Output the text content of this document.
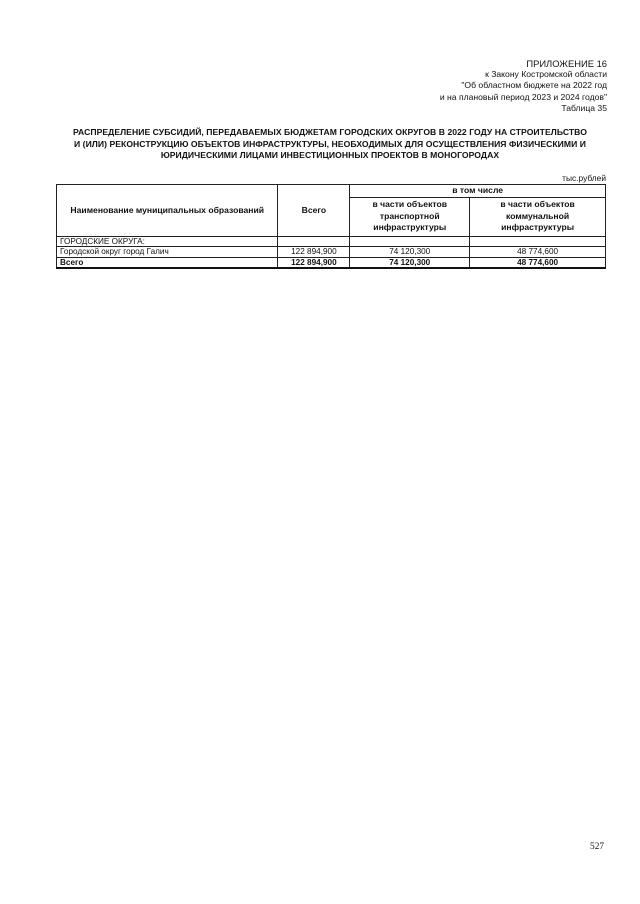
ПРИЛОЖЕНИЕ 16
к Закону Костромской области
"Об областном бюджете на 2022 год
и на плановый период 2023 и 2024 годов"
Таблица 35
РАСПРЕДЕЛЕНИЕ СУБСИДИЙ, ПЕРЕДАВАЕМЫХ БЮДЖЕТАМ ГОРОДСКИХ ОКРУГОВ В 2022 ГОДУ НА СТРОИТЕЛЬСТВО И (ИЛИ) РЕКОНСТРУКЦИЮ ОБЪЕКТОВ ИНФРАСТРУКТУРЫ, НЕОБХОДИМЫХ ДЛЯ ОСУЩЕСТВЛЕНИЯ ФИЗИЧЕСКИМИ И ЮРИДИЧЕСКИМИ ЛИЦАМИ ИНВЕСТИЦИОННЫХ ПРОЕКТОВ В МОНОГОРОДАХ
тыс.рублей
Наименование муниципальных образований	Всего	в том числе	
		в части объектов транспортной инфраструктуры	в части объектов коммунальной инфраструктуры
ГОРОДСКИЕ ОКРУГА:			
Городской округ город Галич	122 894,900	74 120,300	48 774,600
Всего	122 894,900	74 120,300	48 774,600
527
